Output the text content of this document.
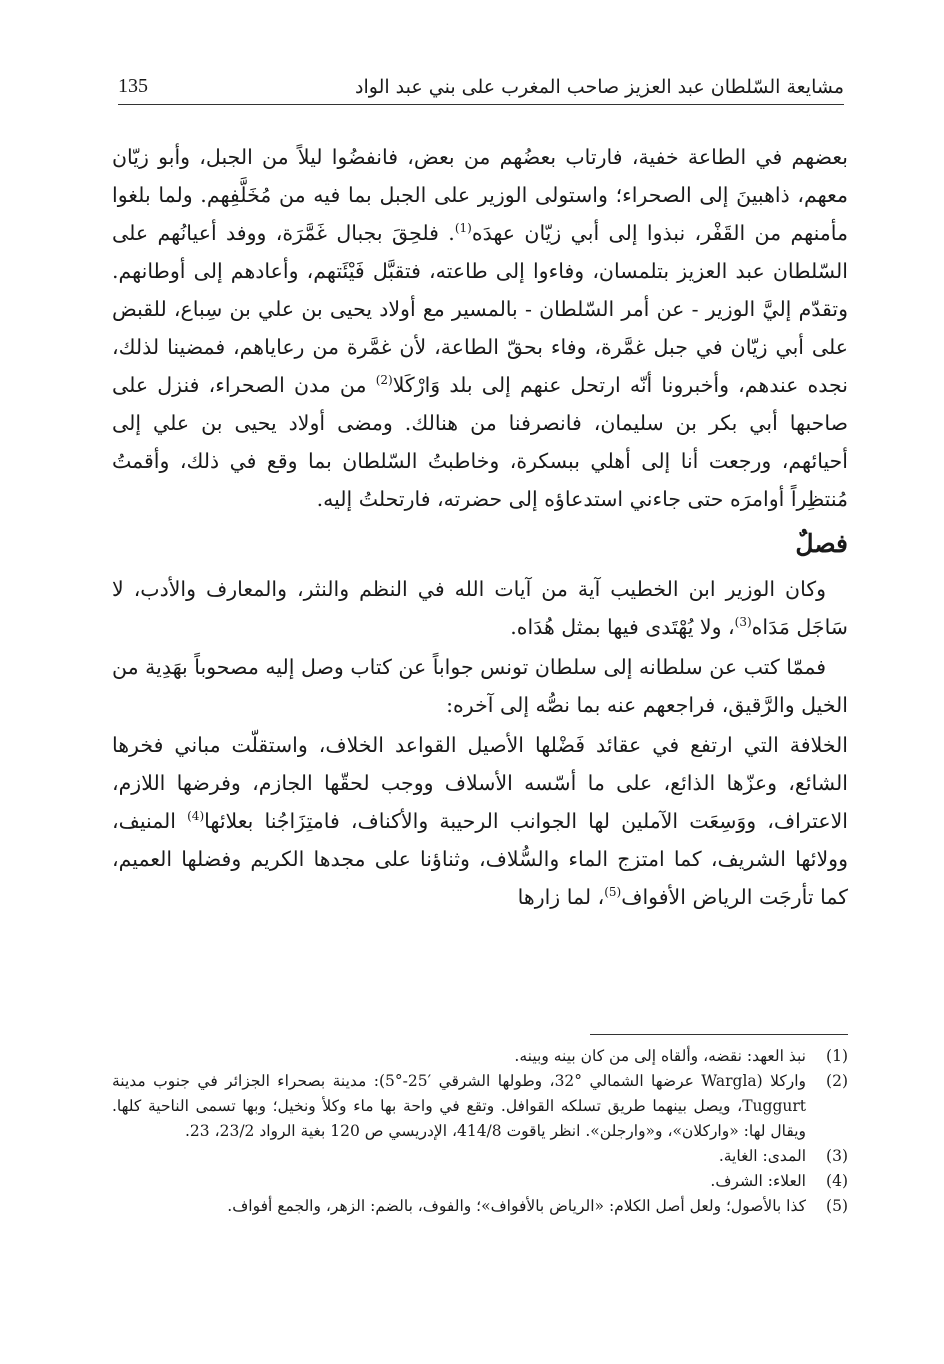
مشايعة السّلطان عبد العزيز صاحب المغرب على بني عبد الواد
135

بعضهم في الطاعة خفية، فارتاب بعضُهم من بعض، فانفضُوا ليلاً من الجبل، وأبو زيّان معهم، ذاهبينَ إلى الصحراء؛ واستولى الوزير على الجبل بما فيه من مُخَلَّفِهم. ولما بلغوا مأمنهم من القَفْر، نبذوا إلى أبي زيّان عهدَه$^{(1)}$. فلحِقَ بجبال غَمَّرَة، ووفد أعيانُهم على السّلطان عبد العزيز بتلمسان، وفاءوا إلى طاعته، فتقبَّل فَيْئَتهم، وأعادهم إلى أوطانهم. وتقدّم إليَّ الوزير - عن أمر السّلطان - بالمسير مع أولاد يحيى بن علي بن سِباع، للقبض على أبي زيّان في جبل غمَّرة، وفاء بحقّ الطاعة، لأن غمَّرة من رعاياهم، فمضينا لذلك، نجده عندهم، وأخبرونا أنّه ارتحل عنهم إلى بلد وَارْكَلا$^{(2)}$ من مدن الصحراء، فنزل على صاحبها أبي بكر بن سليمان، فانصرفنا من هنالك. ومضى أولاد يحيى بن علي إلى أحيائهم، ورجعت أنا إلى أهلي ببسكرة، وخاطبتُ السّلطان بما وقع في ذلك، وأقمتُ مُنتظِراً أوامرَه حتى جاءني استدعاؤه إلى حضرته، فارتحلتُ إليه.

فصلٌ

وكان الوزير ابن الخطيب آية من آيات الله في النظم والنثر، والمعارف والأدب، لا سَاجَل مَدَاه$^{(3)}$، ولا يُهْتَدى فيها بمثل هُدَاه.

فممّا كتب عن سلطانه إلى سلطان تونس جواباً عن كتاب وصل إليه مصحوباً بهَدِية من الخيل والرَّقيق، فراجعهم عنه بما نصُّه إلى آخره:

الخلافة التي ارتفع في عقائد فَضْلها الأصيل القواعد الخلاف، واستقلّت مباني فخرها الشائع، وعزّها الذائع، على ما أسّسه الأسلاف ووجب لحقّها الجازم، وفرضها اللازم، الاعتراف، ووَسِعَت الآملين لها الجوانب الرحيبة والأكناف، فامتِزَاجُنا بعلائها$^{(4)}$ المنيف، وولائها الشريف، كما امتزج الماء والسُّلاف، وثناؤنا على مجدها الكريم وفضلها العميم، كما تأرجَت الرياض الأفواف$^{(5)}$، لما زارها

(1)
نبذ العهد: نقضه، وألقاه إلى من كان بينه وبينه.
(2)
واركلا (Wargla عرضها الشمالي °32، وطولها الشرقي ′25-°5): مدينة بصحراء الجزائر في جنوب مدينة Tuggurt، ويصل بينهما طريق تسلكه القوافل. وتقع في واحة بها ماء وكلأ ونخيل؛ وبها تسمى الناحية كلها. ويقال لها: «واركلان»، و«وارجلن». انظر ياقوت 414/8، الإدريسي ص 120 بغية الرواد 23/2، 23.
(3)
المدى: الغاية.
(4)
العلاء: الشرف.
(5)
كذا بالأصول؛ ولعل أصل الكلام: «الرياض بالأفواف»؛ والفوف، بالضم: الزهر، والجمع أفواف.
